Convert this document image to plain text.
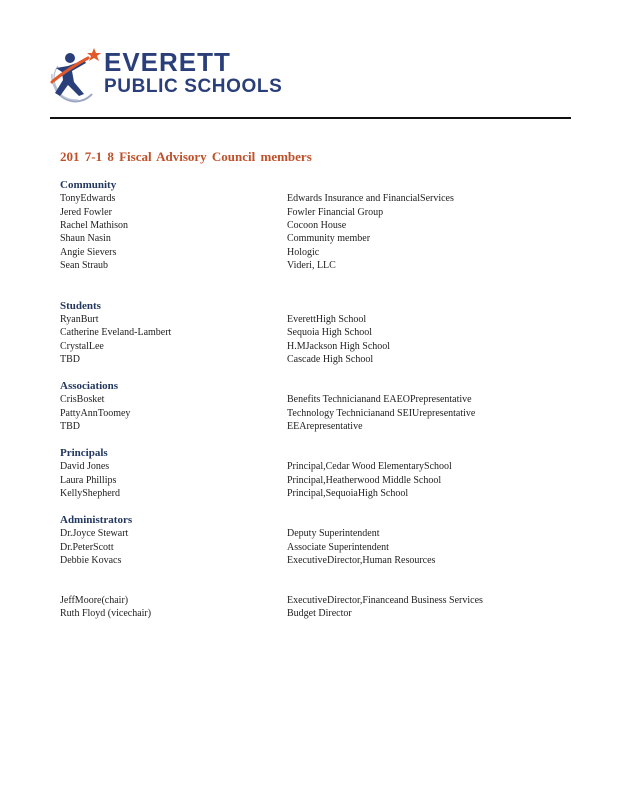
EVERETT
PUBLIC SCHOOLS
201 7-1 8 Fiscal Advisory Council members
Community
TonyEdwards	Edwards Insurance and FinancialServices
Jered Fowler	Fowler Financial Group
Rachel Mathison	Cocoon House
Shaun Nasin	Community member
Angie Sievers	Hologic
Sean Straub	Videri, LLC
Students
RyanBurt	EverettHigh School
Catherine Eveland-Lambert	Sequoia High School
CrystalLee	H.MJackson High School
TBD	Cascade High School
Associations
CrisBosket	Benefits Technicianand EAEOPrepresentative
PattyAnnToomey	Technology Technicianand SEIUrepresentative
TBD	EEArepresentative
Principals
David Jones	Principal,Cedar Wood ElementarySchool
Laura Phillips	Principal,Heatherwood Middle School
KellyShepherd	Principal,SequoiaHigh School
Administrators
Dr.Joyce Stewart	Deputy Superintendent
Dr.PeterScott	Associate Superintendent
Debbie Kovacs	ExecutiveDirector,Human Resources
JeffMoore(chair)	ExecutiveDirector,Financeand Business Services
Ruth Floyd (vicechair)	Budget Director
